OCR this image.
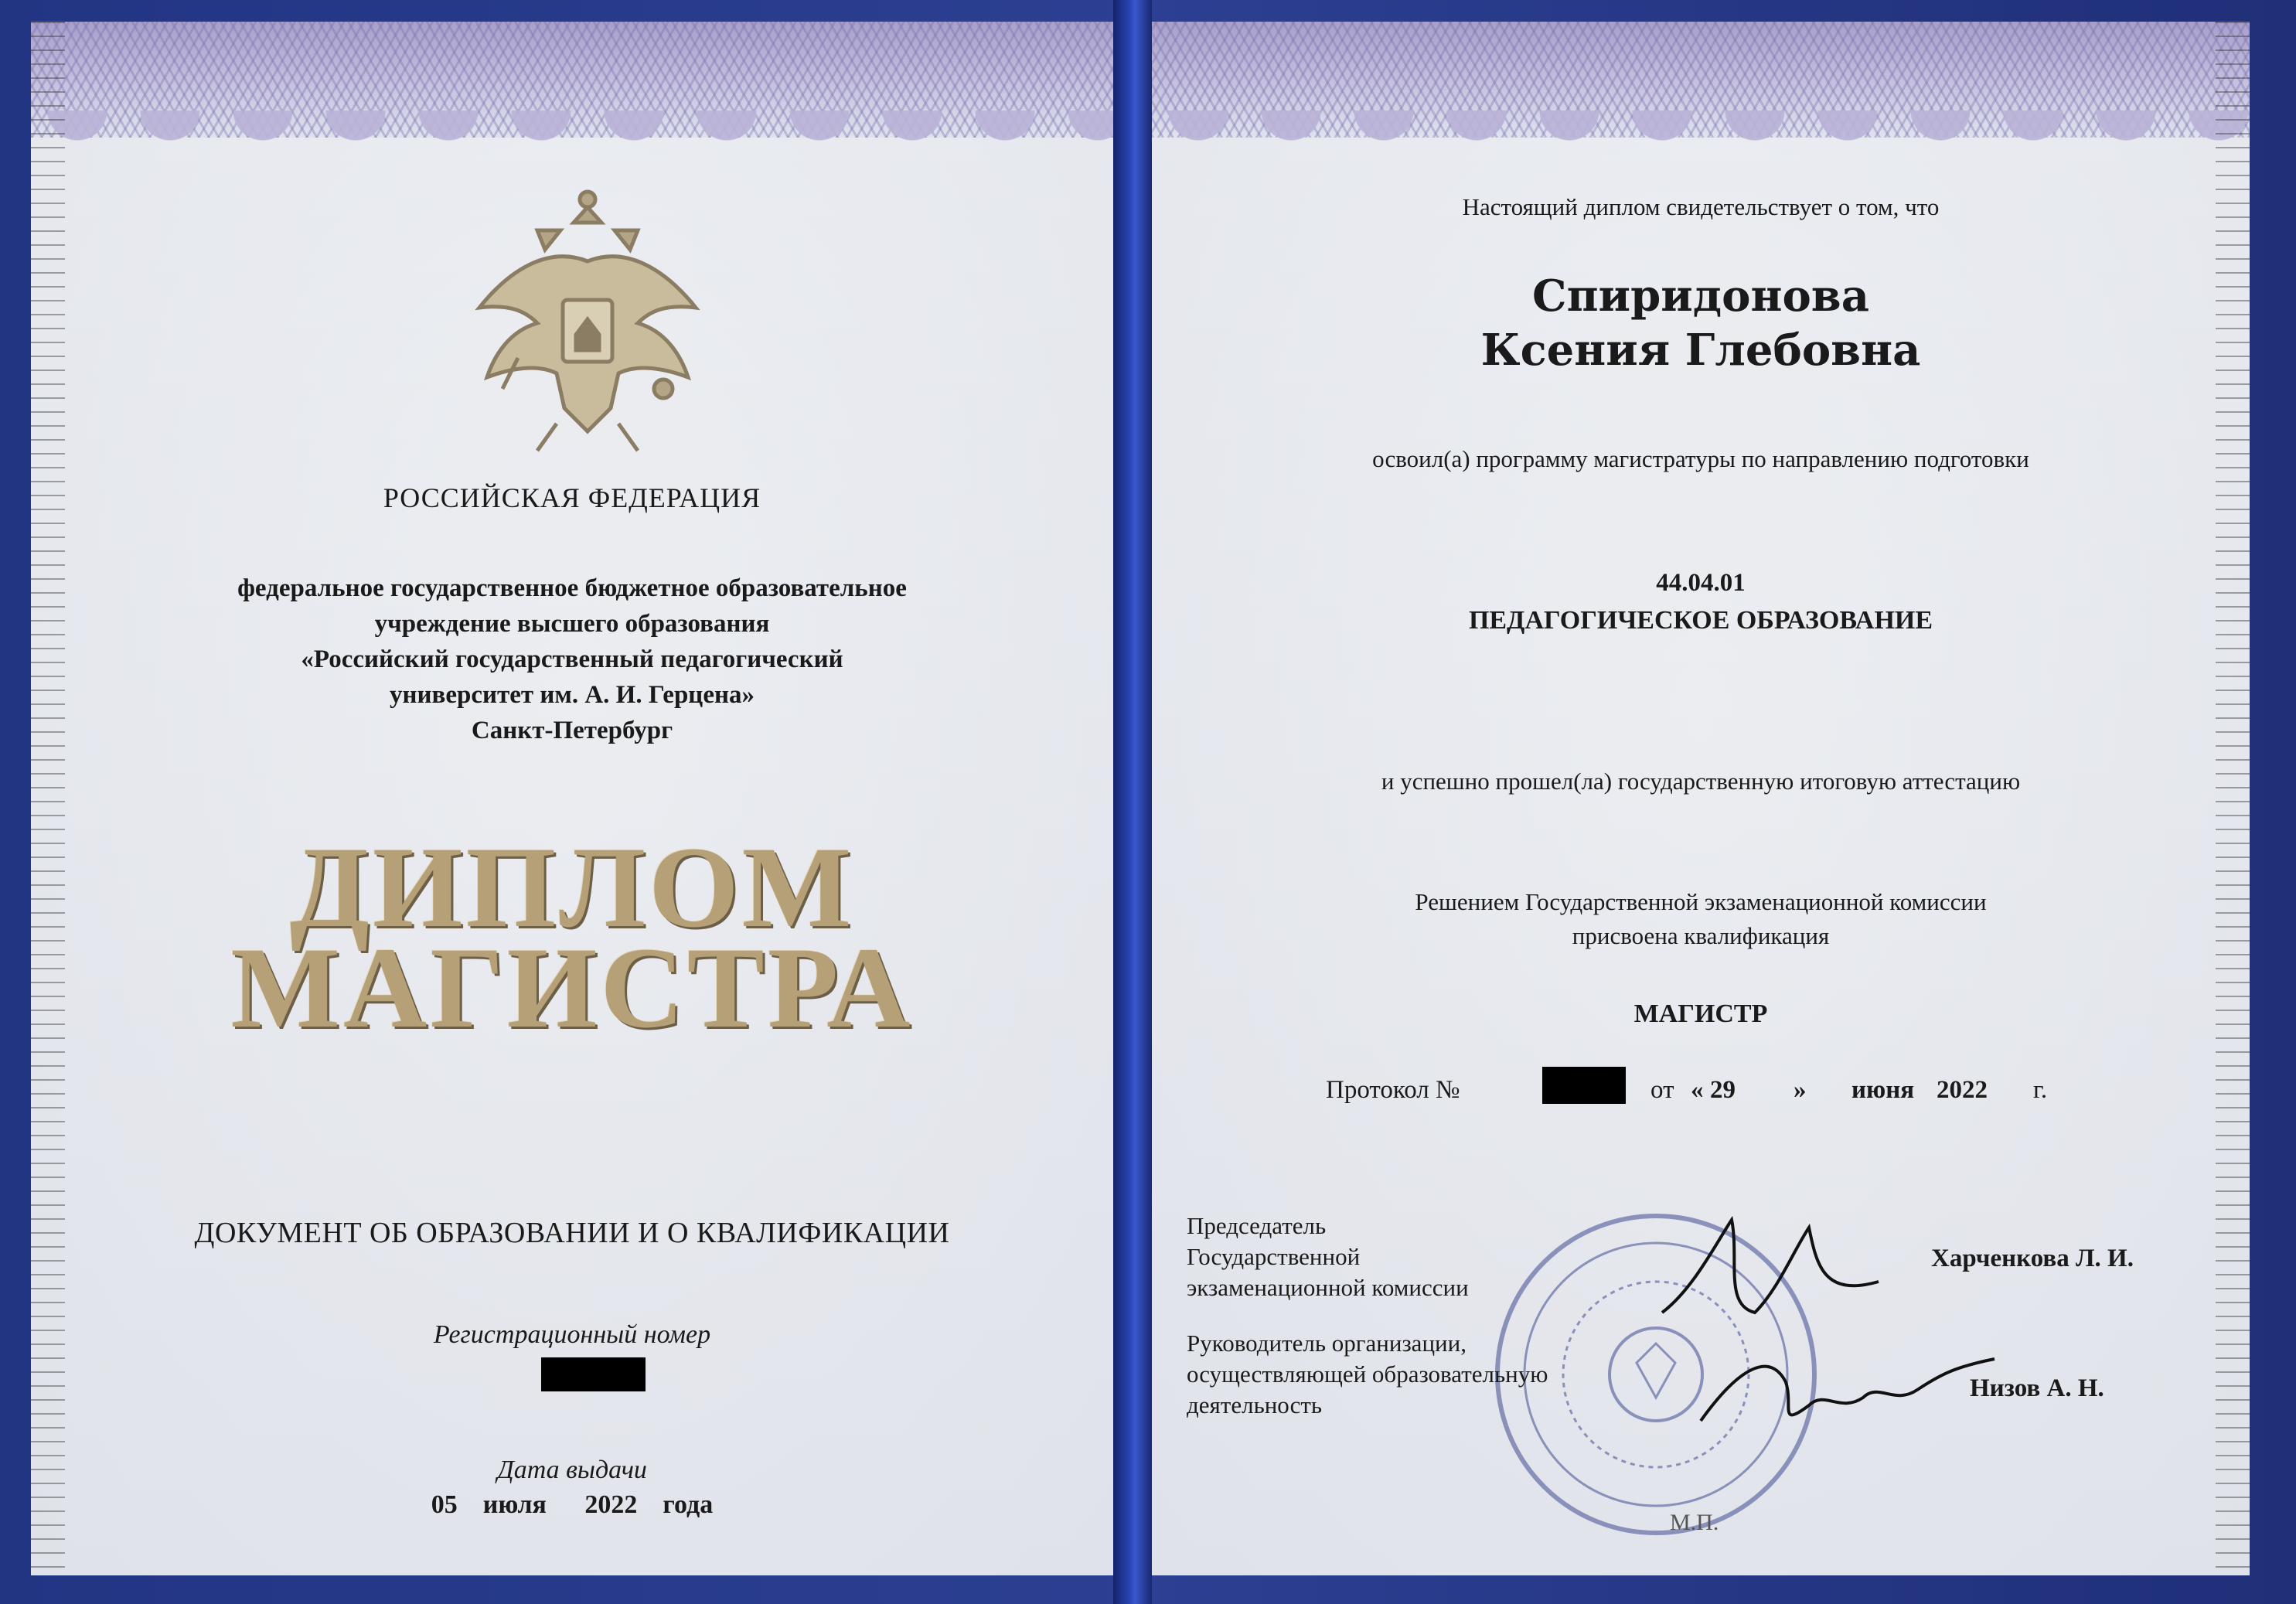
РОССИЙСКАЯ ФЕДЕРАЦИЯ
федеральное государственное бюджетное образовательное
учреждение высшего образования
«Российский государственный педагогический
университет им. А. И. Герцена»
Санкт-Петербург
ДИПЛОМ
МАГИСТРА
ДОКУМЕНТ ОБ ОБРАЗОВАНИИ И О КВАЛИФИКАЦИИ
Регистрационный номер
Дата выдачи
05  июля   2022  года
Настоящий диплом свидетельствует о том, что
Спиридонова
Ксения Глебовна
освоил(а) программу магистратуры по направлению подготовки
44.04.01
ПЕДАГОГИЧЕСКОЕ ОБРАЗОВАНИЕ
и успешно прошел(ла) государственную итоговую аттестацию
Решением Государственной экзаменационной комиссии
присвоена квалификация
МАГИСТР
Протокол №	от « 29 » июня 2022 г.
Председатель
Государственной
экзаменационной комиссии
Харченкова Л. И.
Руководитель организации,
осуществляющей образовательную
деятельность
Низов А. Н.
М.П.
